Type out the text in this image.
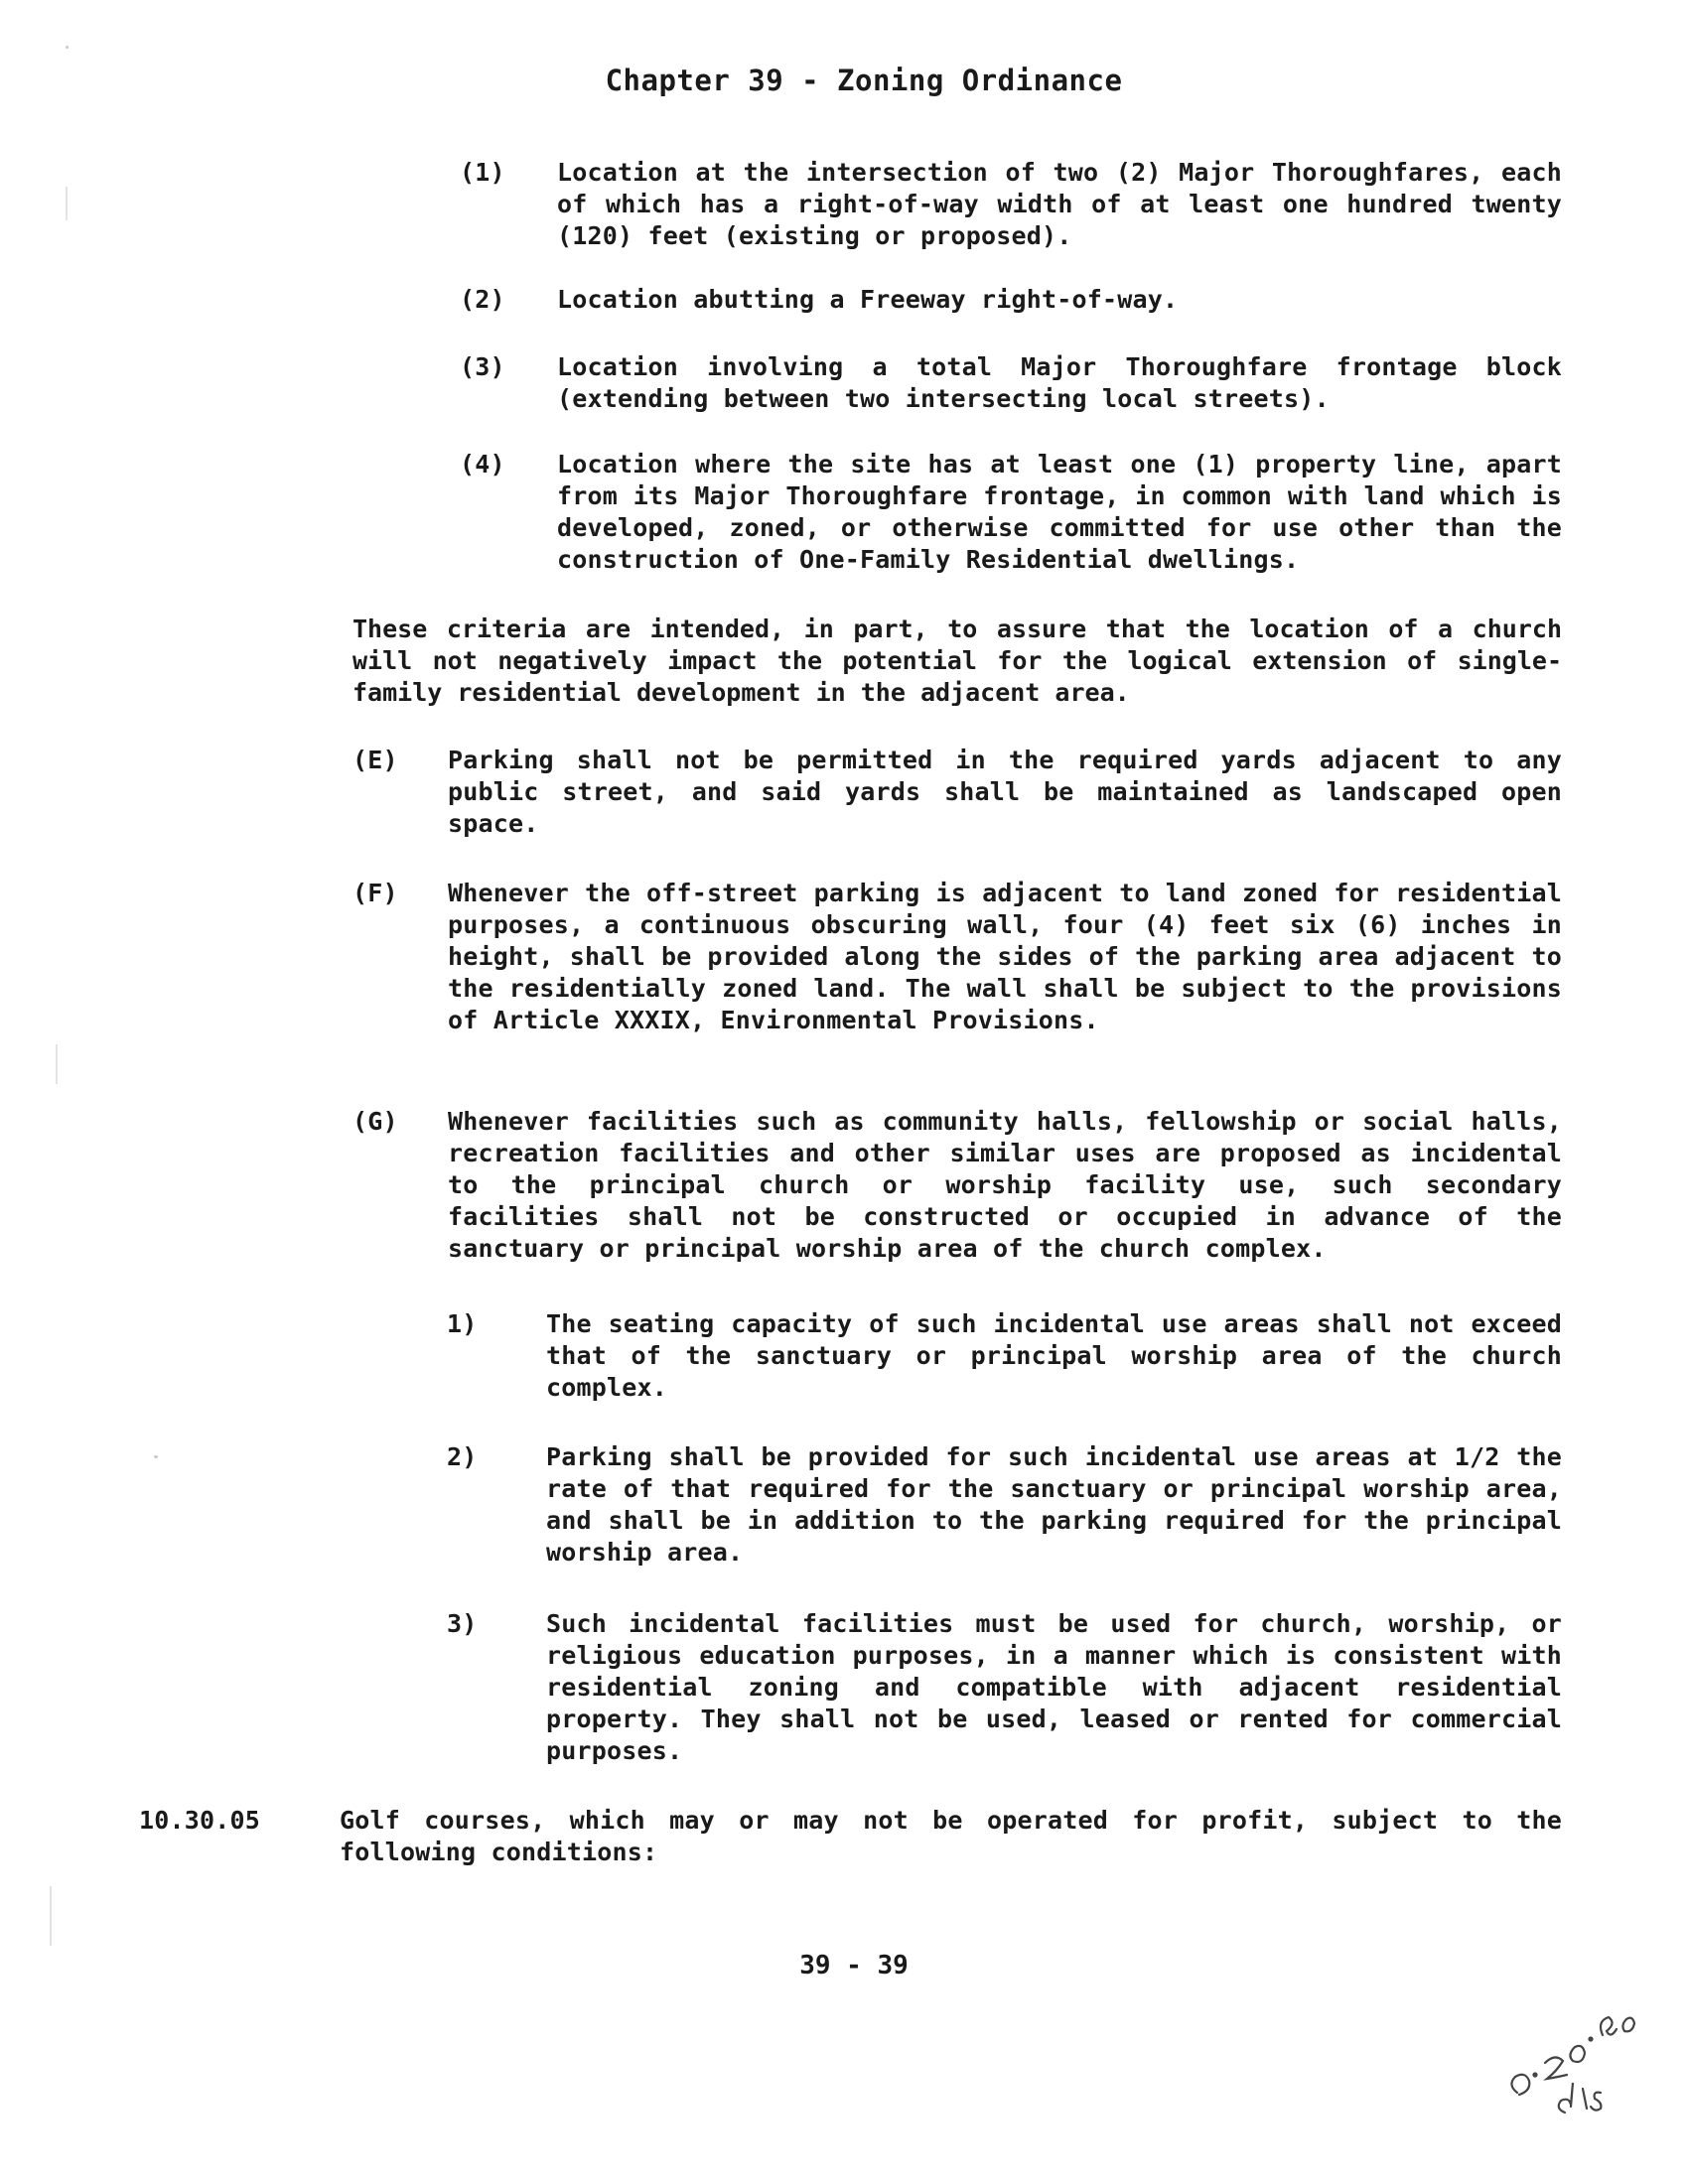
Chapter 39 - Zoning Ordinance
(1) Location at the intersection of two (2) Major Thoroughfares, each of which has a right-of-way width of at least one hundred twenty (120) feet (existing or proposed).
(2) Location abutting a Freeway right-of-way.
(3) Location involving a total Major Thoroughfare frontage block (extending between two intersecting local streets).
(4) Location where the site has at least one (1) property line, apart from its Major Thoroughfare frontage, in common with land which is developed, zoned, or otherwise committed for use other than the construction of One-Family Residential dwellings.
These criteria are intended, in part, to assure that the location of a church will not negatively impact the potential for the logical extension of single-family residential development in the adjacent area.
(E) Parking shall not be permitted in the required yards adjacent to any public street, and said yards shall be maintained as landscaped open space.
(F) Whenever the off-street parking is adjacent to land zoned for residential purposes, a continuous obscuring wall, four (4) feet six (6) inches in height, shall be provided along the sides of the parking area adjacent to the residentially zoned land. The wall shall be subject to the provisions of Article XXXIX, Environmental Provisions.
(G) Whenever facilities such as community halls, fellowship or social halls, recreation facilities and other similar uses are proposed as incidental to the principal church or worship facility use, such secondary facilities shall not be constructed or occupied in advance of the sanctuary or principal worship area of the church complex.
1)	The seating capacity of such incidental use areas shall not exceed that of the sanctuary or principal worship area of the church complex.
2)	Parking shall be provided for such incidental use areas at 1/2 the rate of that required for the sanctuary or principal worship area, and shall be in addition to the parking required for the principal worship area.
3)	Such incidental facilities must be used for church, worship, or religious education purposes, in a manner which is consistent with residential zoning and compatible with adjacent residential property. They shall not be used, leased or rented for commercial purposes.
10.30.05	Golf courses, which may or may not be operated for profit, subject to the following conditions:
39 - 39
